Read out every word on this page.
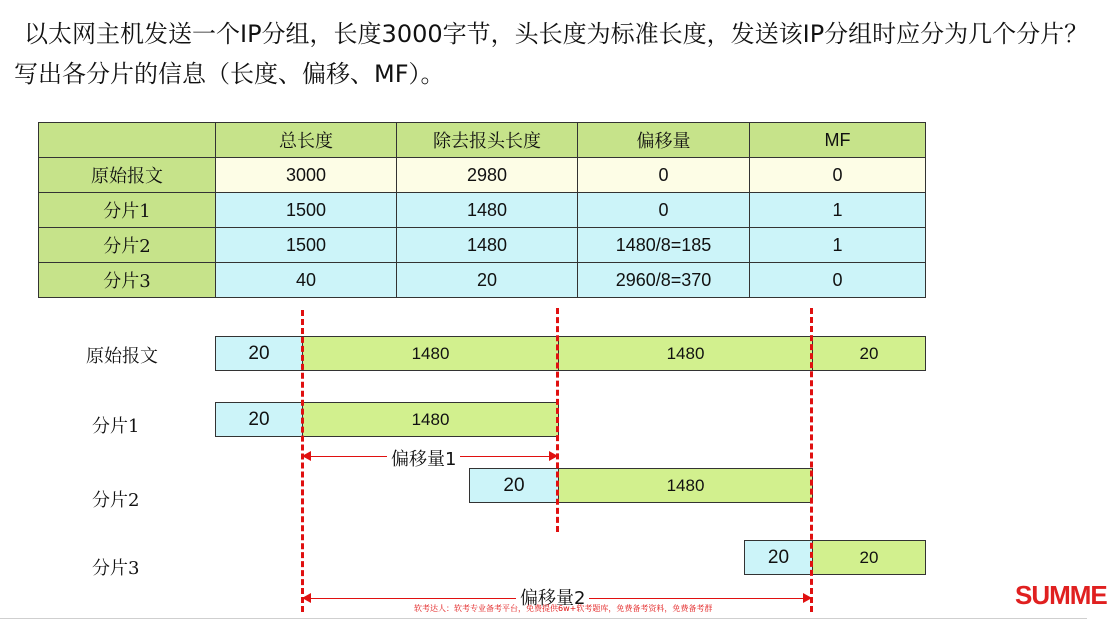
以太网主机发送一个IP分组，长度3000字节，头长度为标准长度，发送该IP分组时应分为几个分片？
写出各分片的信息（长度、偏移、MF）。
	总长度	除去报头长度	偏移量	MF
原始报文	3000	2980	0	0
分片1	1500	1480	0	1
分片2	1500	1480	1480/8=185	1
分片3	40	20	2960/8=370	0
原始报文
分片1
分片2
分片3
20	1480	1480	20
20	1480
20	1480
20	20
偏移量1
偏移量2
软考达人：软考专业备考平台，免费提供6w+软考题库，免费备考资料，免费备考群	SUMME
